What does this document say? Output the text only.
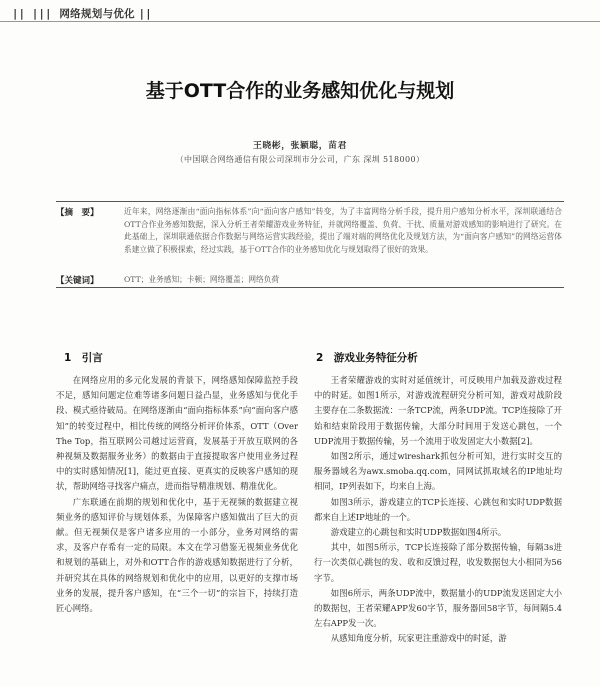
|| ||| 网络规划与优化 ||
基于OTT合作的业务感知优化与规划
王晓彬，张颖聪，苗君
（中国联合网络通信有限公司深圳市分公司，广东 深圳 518000）
【摘　要】	近年来，网络逐渐由“面向指标体系”向“面向客户感知”转变，为了丰富网络分析手段，提升用户感知分析水平，深圳联通结合OTT合作业务感知数据，深入分析王者荣耀游戏业务特征，并就网络覆盖、负荷、干扰、质量对游戏感知的影响进行了研究。在此基础上，深圳联通依据合作数据与网络运营实践经验，提出了端对端的网络优化及规划方法，为“面向客户感知”的网络运营体系建立做了积极探索，经过实践，基于OTT合作的业务感知优化与规划取得了很好的效果。
【关键词】	OTT；业务感知；卡顿；网络覆盖；网络负荷
1　引言

在网络应用的多元化发展的背景下，网络感知保障监控手段不足，感知问题定位难等诸多问题日益凸显，业务感知与优化手段、模式亟待破局。在网络逐渐由“面向指标体系”向“面向客户感知”的转变过程中，相比传统的网络分析评价体系，OTT（Over The Top，指互联网公司越过运营商，发展基于开放互联网的各种视频及数据服务业务）的数据由于直接提取客户使用业务过程中的实时感知情况[1]，能过更直接、更真实的反映客户感知的现状，帮助网络寻找客户痛点，进而指导精准规划、精准优化。

广东联通在前期的规划和优化中，基于无视频的数据建立视频业务的感知评价与规划体系，为保障客户感知做出了巨大的贡献。但无视频仅是客户诸多应用的一小部分，业务对网络的需求，及客户存希有一定的局限。本文在学习借鉴无视频业务优化和规划的基础上，对外和OTT合作的游戏感知数据进行了分析，并研究其在具体的网络规划和优化中的应用，以更好的支撑市场业务的发展，提升客户感知，在“三个一切”的宗旨下，持续打造匠心网络。

2　游戏业务特征分析

王者荣耀游戏的实时对延值统计，可反映用户加载及游戏过程中的时延。如图1所示，对游戏流程研究分析可知，游戏对战阶段主要存在二条数据流：一条TCP流，两条UDP流。TCP连接除了开始和结束阶段用于数据传输，大部分时间用于发送心跳包，一个UDP流用于数据传输，另一个流用于收发固定大小数据[2]。

如图2所示，通过wireshark抓包分析可知，进行实时交互的服务器域名为awx.smoba.qq.com，同网试抓取域名的IP地址均相同，IP列表如下，均来自上海。

如图3所示，游戏建立的TCP长连接、心跳包和实时UDP数据都来自上述IP地址的一个。

游戏建立的心跳包和实时UDP数据如图4所示。

其中，如图5所示，TCP长连接除了部分数据传输，每隔3s进行一次类似心跳包的发、收和反馈过程，收发数据包大小相同为56字节。

如图6所示，两条UDP流中，数据量小的UDP流发送固定大小的数据包，王者荣耀APP发60字节，服务器回58字节，每间隔5.4左右APP发一次。

从感知角度分析，玩家更注重游戏中的时延，游
